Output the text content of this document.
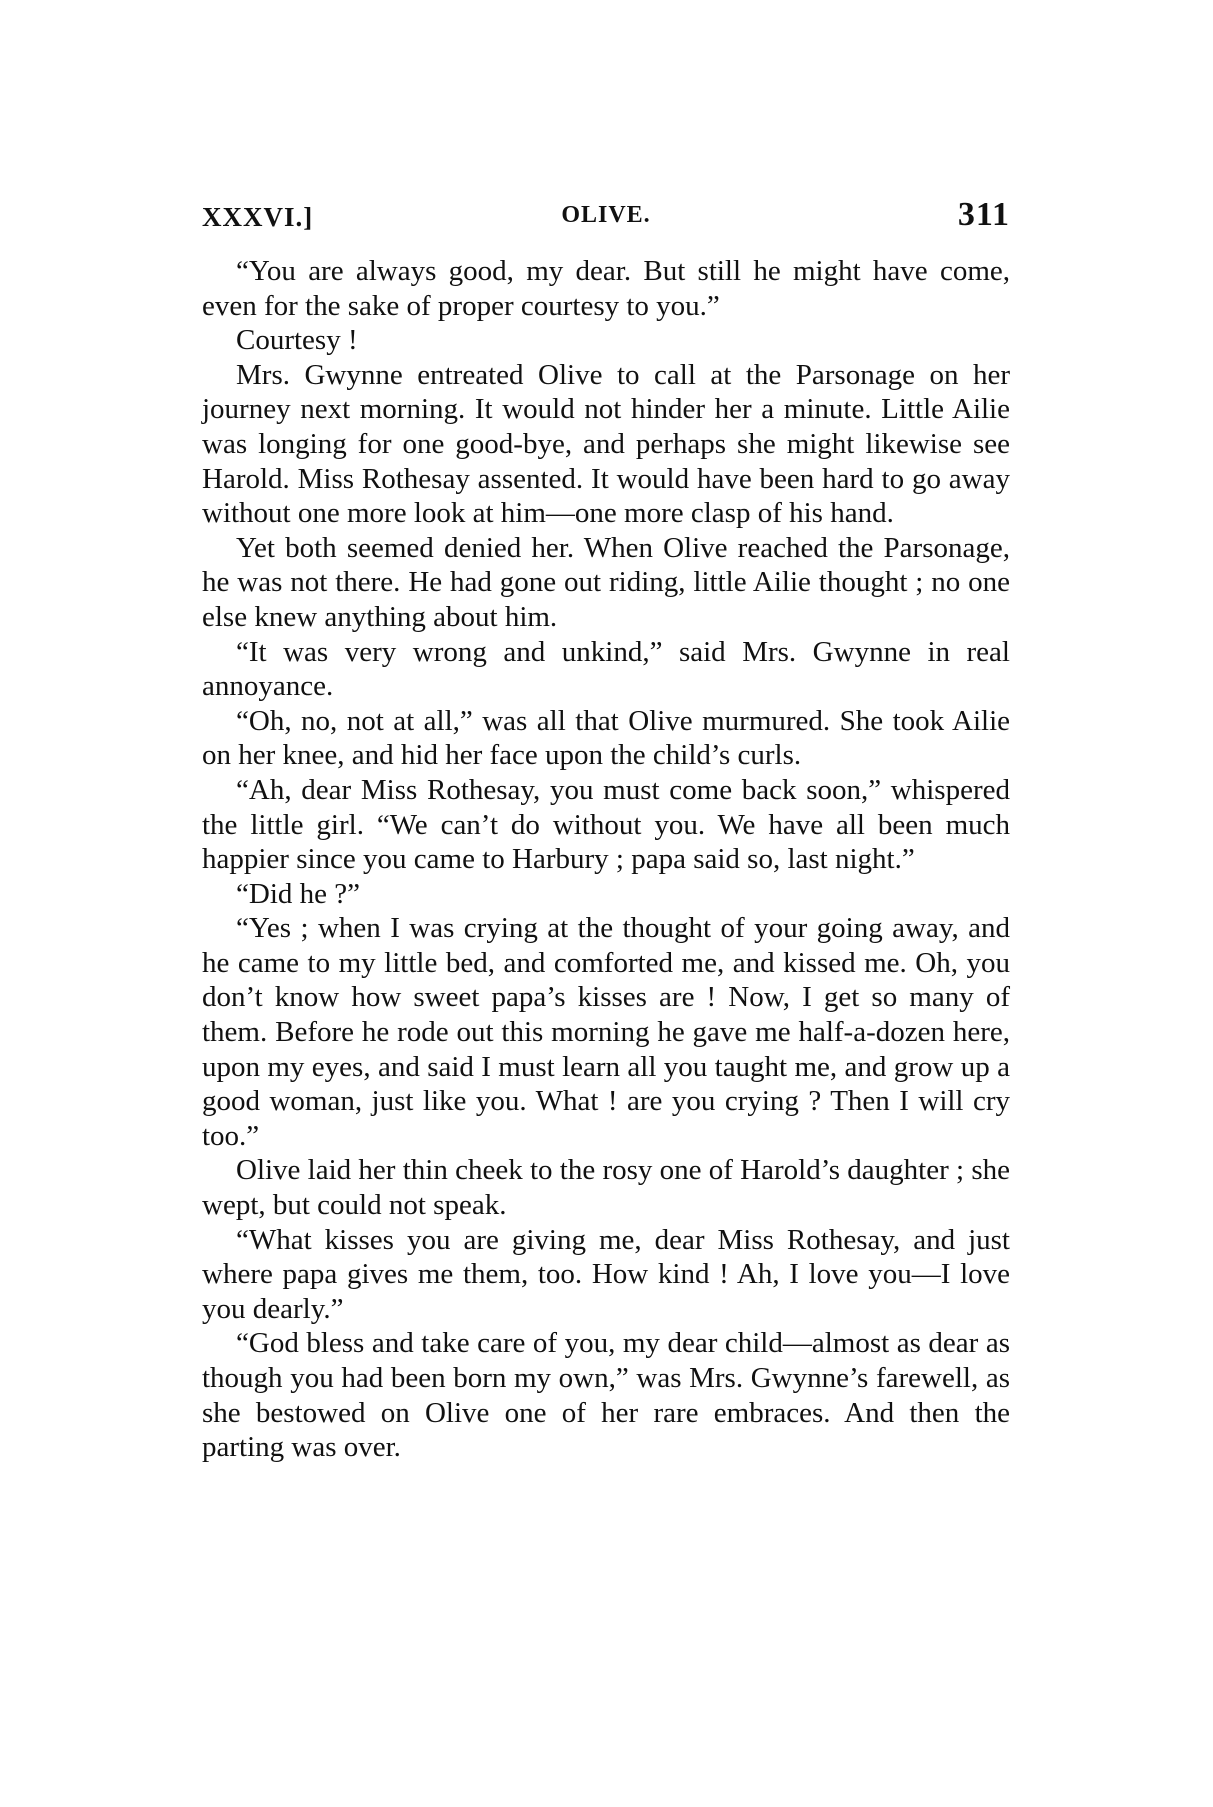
XXXVI.]	OLIVE.	311

“You are always good, my dear. But still he might have come, even for the sake of proper courtesy to you.”

Courtesy !

Mrs. Gwynne entreated Olive to call at the Parsonage on her journey next morning. It would not hinder her a minute. Little Ailie was longing for one good-bye, and perhaps she might likewise see Harold. Miss Rothesay assented. It would have been hard to go away without one more look at him—one more clasp of his hand.

Yet both seemed denied her. When Olive reached the Parsonage, he was not there. He had gone out riding, little Ailie thought ; no one else knew anything about him.

“It was very wrong and unkind,” said Mrs. Gwynne in real annoyance.

“Oh, no, not at all,” was all that Olive murmured. She took Ailie on her knee, and hid her face upon the child’s curls.

“Ah, dear Miss Rothesay, you must come back soon,” whispered the little girl. “We can’t do without you. We have all been much happier since you came to Harbury ; papa said so, last night.”

“Did he ?”

“Yes ; when I was crying at the thought of your going away, and he came to my little bed, and comforted me, and kissed me. Oh, you don’t know how sweet papa’s kisses are ! Now, I get so many of them. Before he rode out this morning he gave me half-a-dozen here, upon my eyes, and said I must learn all you taught me, and grow up a good woman, just like you. What ! are you crying ? Then I will cry too.”

Olive laid her thin cheek to the rosy one of Harold’s daughter ; she wept, but could not speak.

“What kisses you are giving me, dear Miss Rothesay, and just where papa gives me them, too. How kind ! Ah, I love you—I love you dearly.”

“God bless and take care of you, my dear child—almost as dear as though you had been born my own,” was Mrs. Gwynne’s farewell, as she bestowed on Olive one of her rare embraces. And then the parting was over.
